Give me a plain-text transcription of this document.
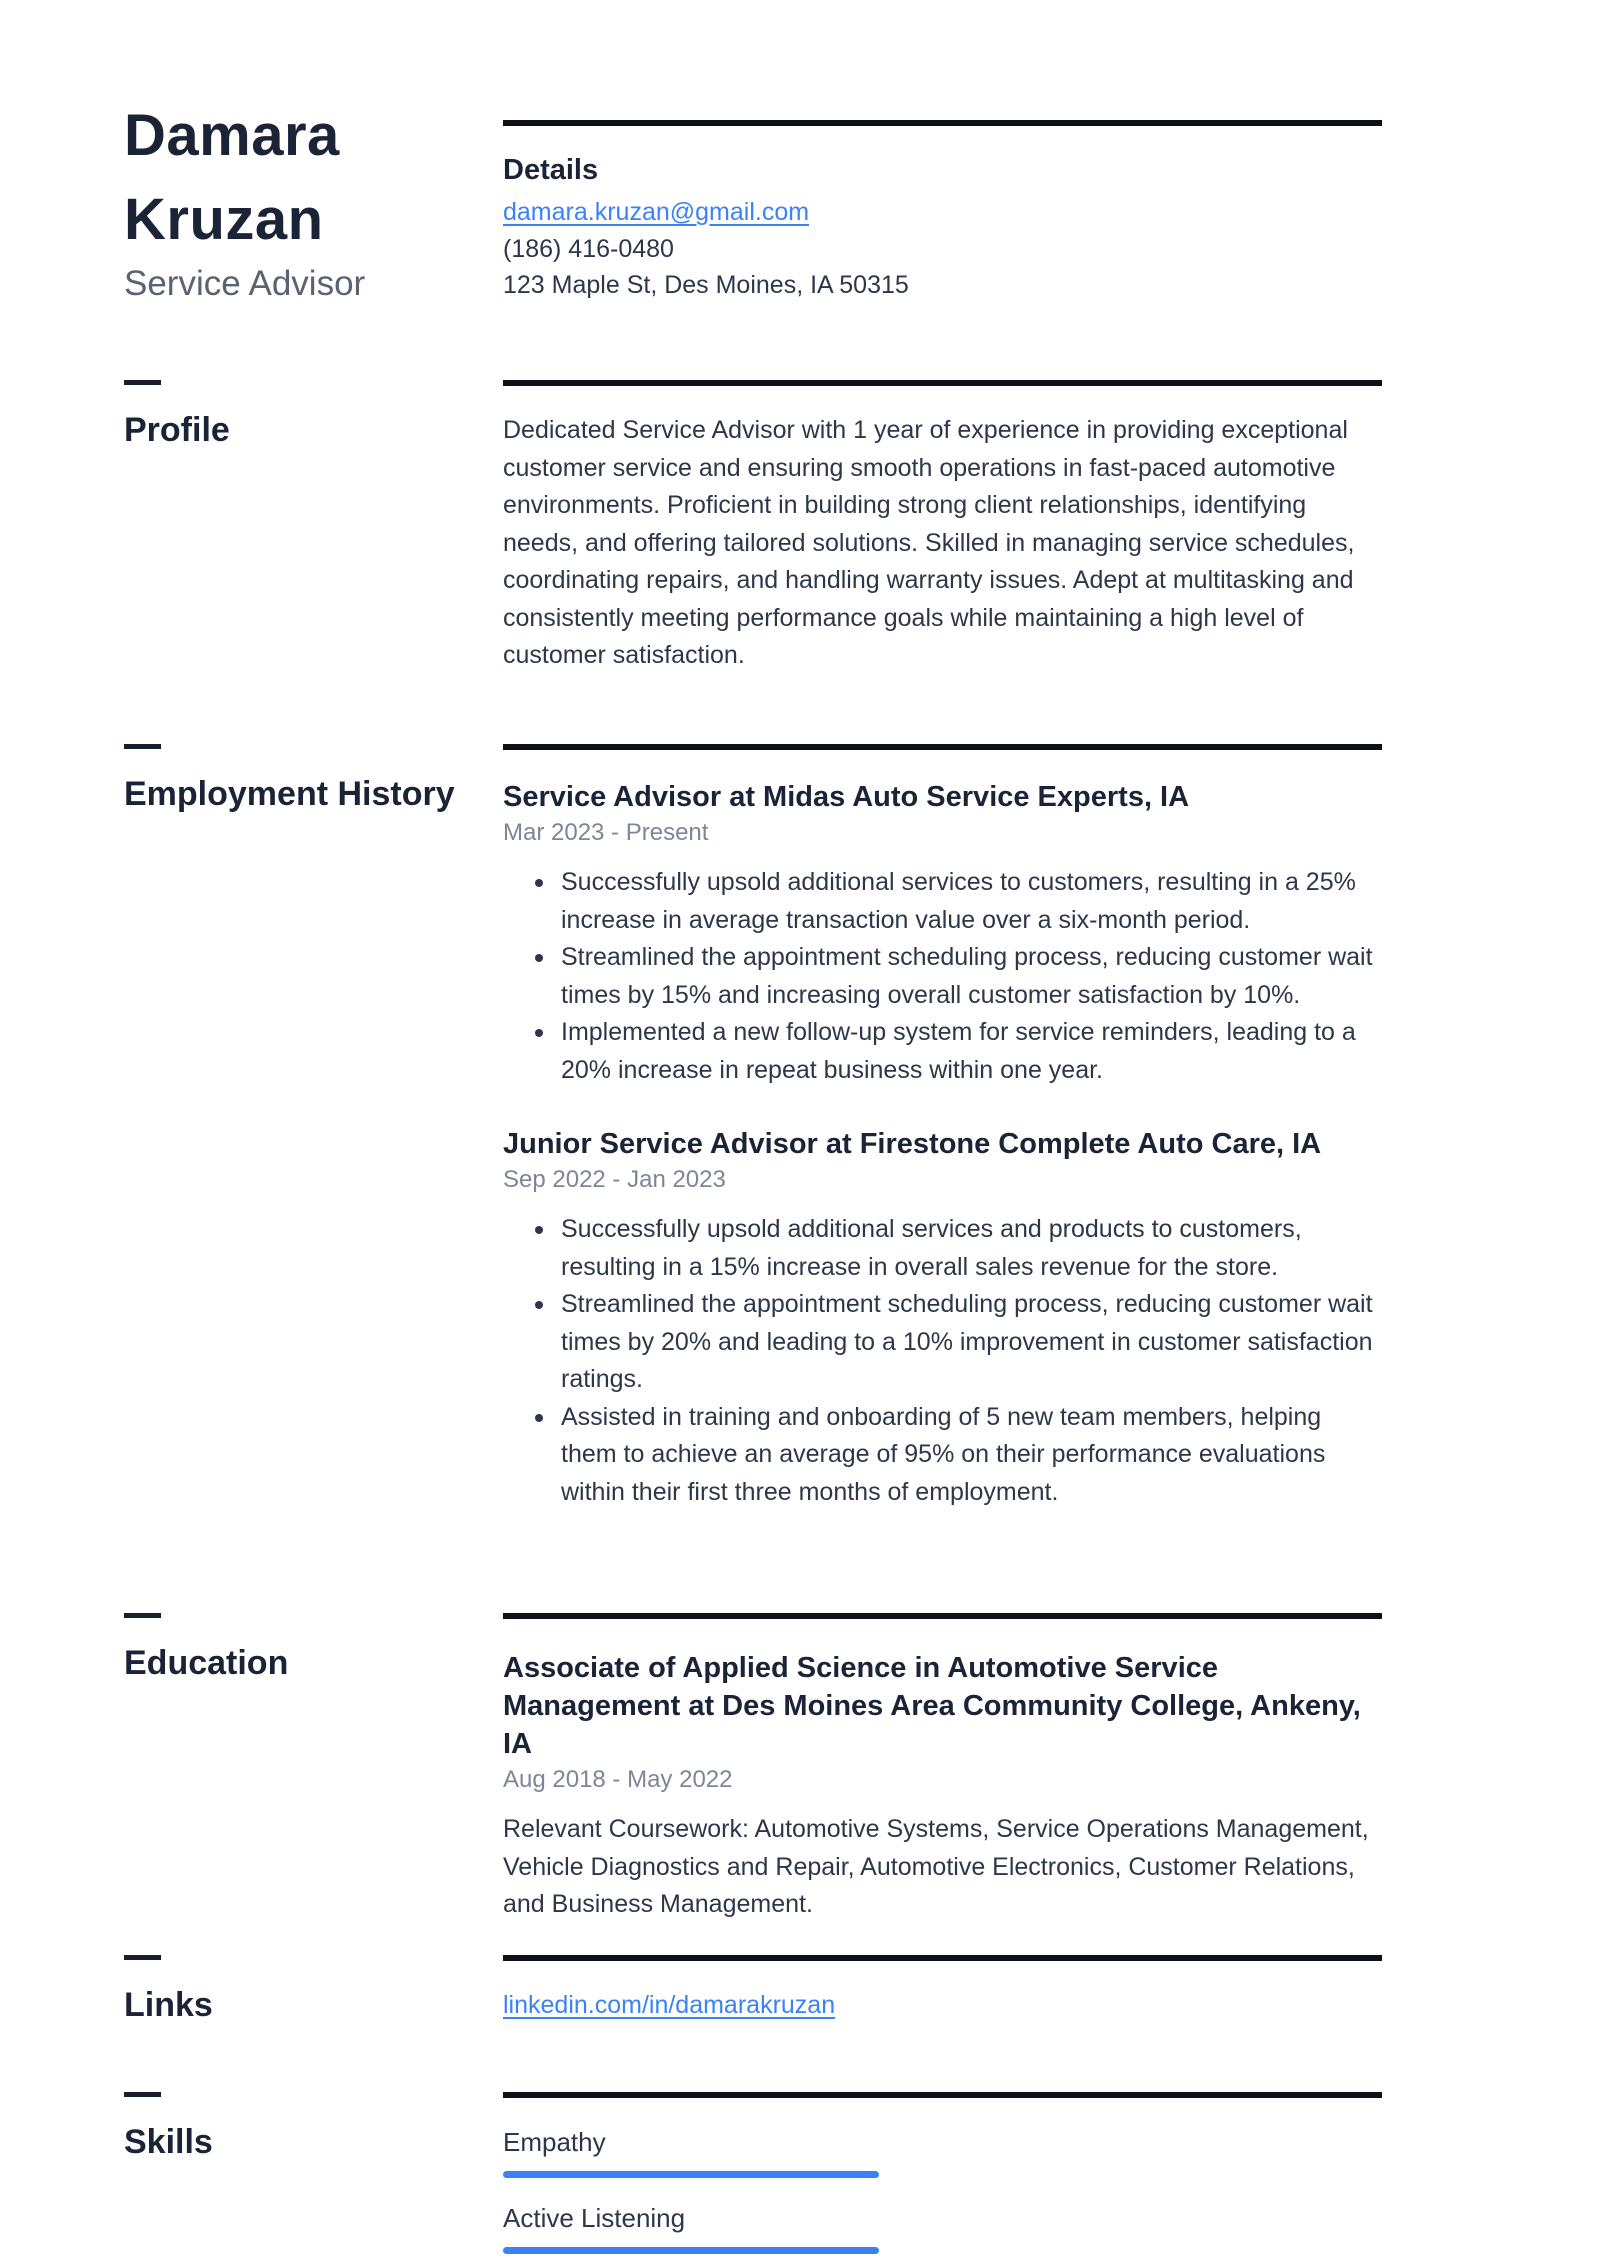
Damara Kruzan
Service Advisor
Details
damara.kruzan@gmail.com
(186) 416-0480
123 Maple St, Des Moines, IA 50315
Profile	Dedicated Service Advisor with 1 year of experience in providing exceptional customer service and ensuring smooth operations in fast-paced automotive environments. Proficient in building strong client relationships, identifying needs, and offering tailored solutions. Skilled in managing service schedules, coordinating repairs, and handling warranty issues. Adept at multitasking and consistently meeting performance goals while maintaining a high level of customer satisfaction.

Employment History	Service Advisor at Midas Auto Service Experts, IA
Mar 2023 - Present
Successfully upsold additional services to customers, resulting in a 25% increase in average transaction value over a six-month period.
Streamlined the appointment scheduling process, reducing customer wait times by 15% and increasing overall customer satisfaction by 10%.
Implemented a new follow-up system for service reminders, leading to a 20% increase in repeat business within one year.
Junior Service Advisor at Firestone Complete Auto Care, IA
Sep 2022 - Jan 2023
Successfully upsold additional services and products to customers, resulting in a 15% increase in overall sales revenue for the store.
Streamlined the appointment scheduling process, reducing customer wait times by 20% and leading to a 10% improvement in customer satisfaction ratings.
Assisted in training and onboarding of 5 new team members, helping them to achieve an average of 95% on their performance evaluations within their first three months of employment.
Education	Associate of Applied Science in Automotive Service Management at Des Moines Area Community College, Ankeny, IA
Aug 2018 - May 2022

Relevant Coursework: Automotive Systems, Service Operations Management, Vehicle Diagnostics and Repair, Automotive Electronics, Customer Relations, and Business Management.

Links	linkedin.com/in/damarakruzan
Skills	Empathy
Active Listening
